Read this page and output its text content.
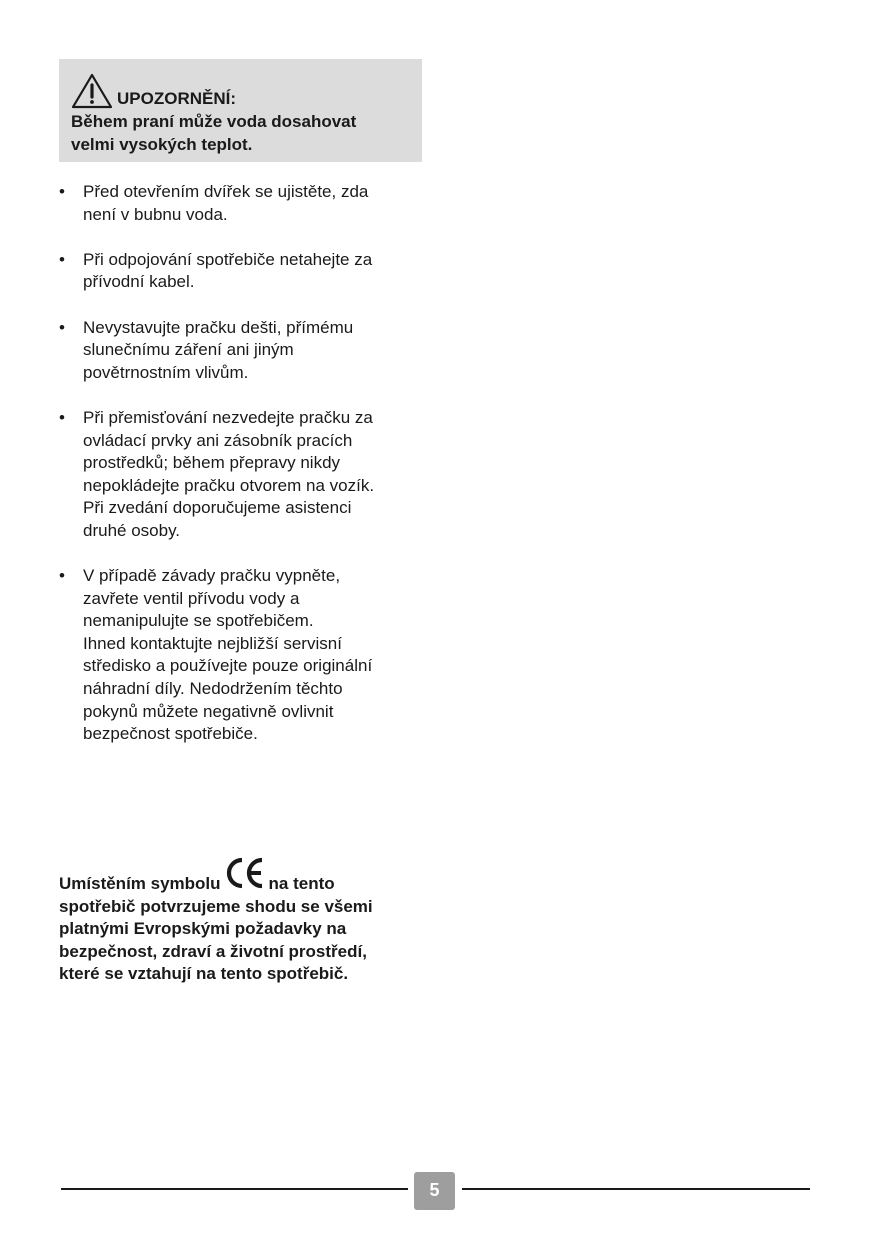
UPOZORNĚNÍ:
Během praní může voda dosahovat
velmi vysokých teplot.
• Před otevřením dvířek se ujistěte, zda
není v bubnu voda.
• Při odpojování spotřebiče netahejte za
přívodní kabel.
• Nevystavujte pračku dešti, přímému
slunečnímu záření ani jiným
povětrnostním vlivům.
• Při přemisťování nezvedejte pračku za
ovládací prvky ani zásobník pracích
prostředků; během přepravy nikdy
nepokládejte pračku otvorem na vozík.
Při zvedání doporučujeme asistenci
druhé osoby.
• V případě závady pračku vypněte,
zavřete ventil přívodu vody a
nemanipulujte se spotřebičem.
Ihned kontaktujte nejbližší servisní
středisko a používejte pouze originální
náhradní díly. Nedodržením těchto
pokynů můžete negativně ovlivnit
bezpečnost spotřebiče.
Umístěním symbolu	na tento
spotřebič potvrzujeme shodu se všemi
platnými Evropskými požadavky na
bezpečnost, zdraví a životní prostředí,
které se vztahují na tento spotřebič.
5
